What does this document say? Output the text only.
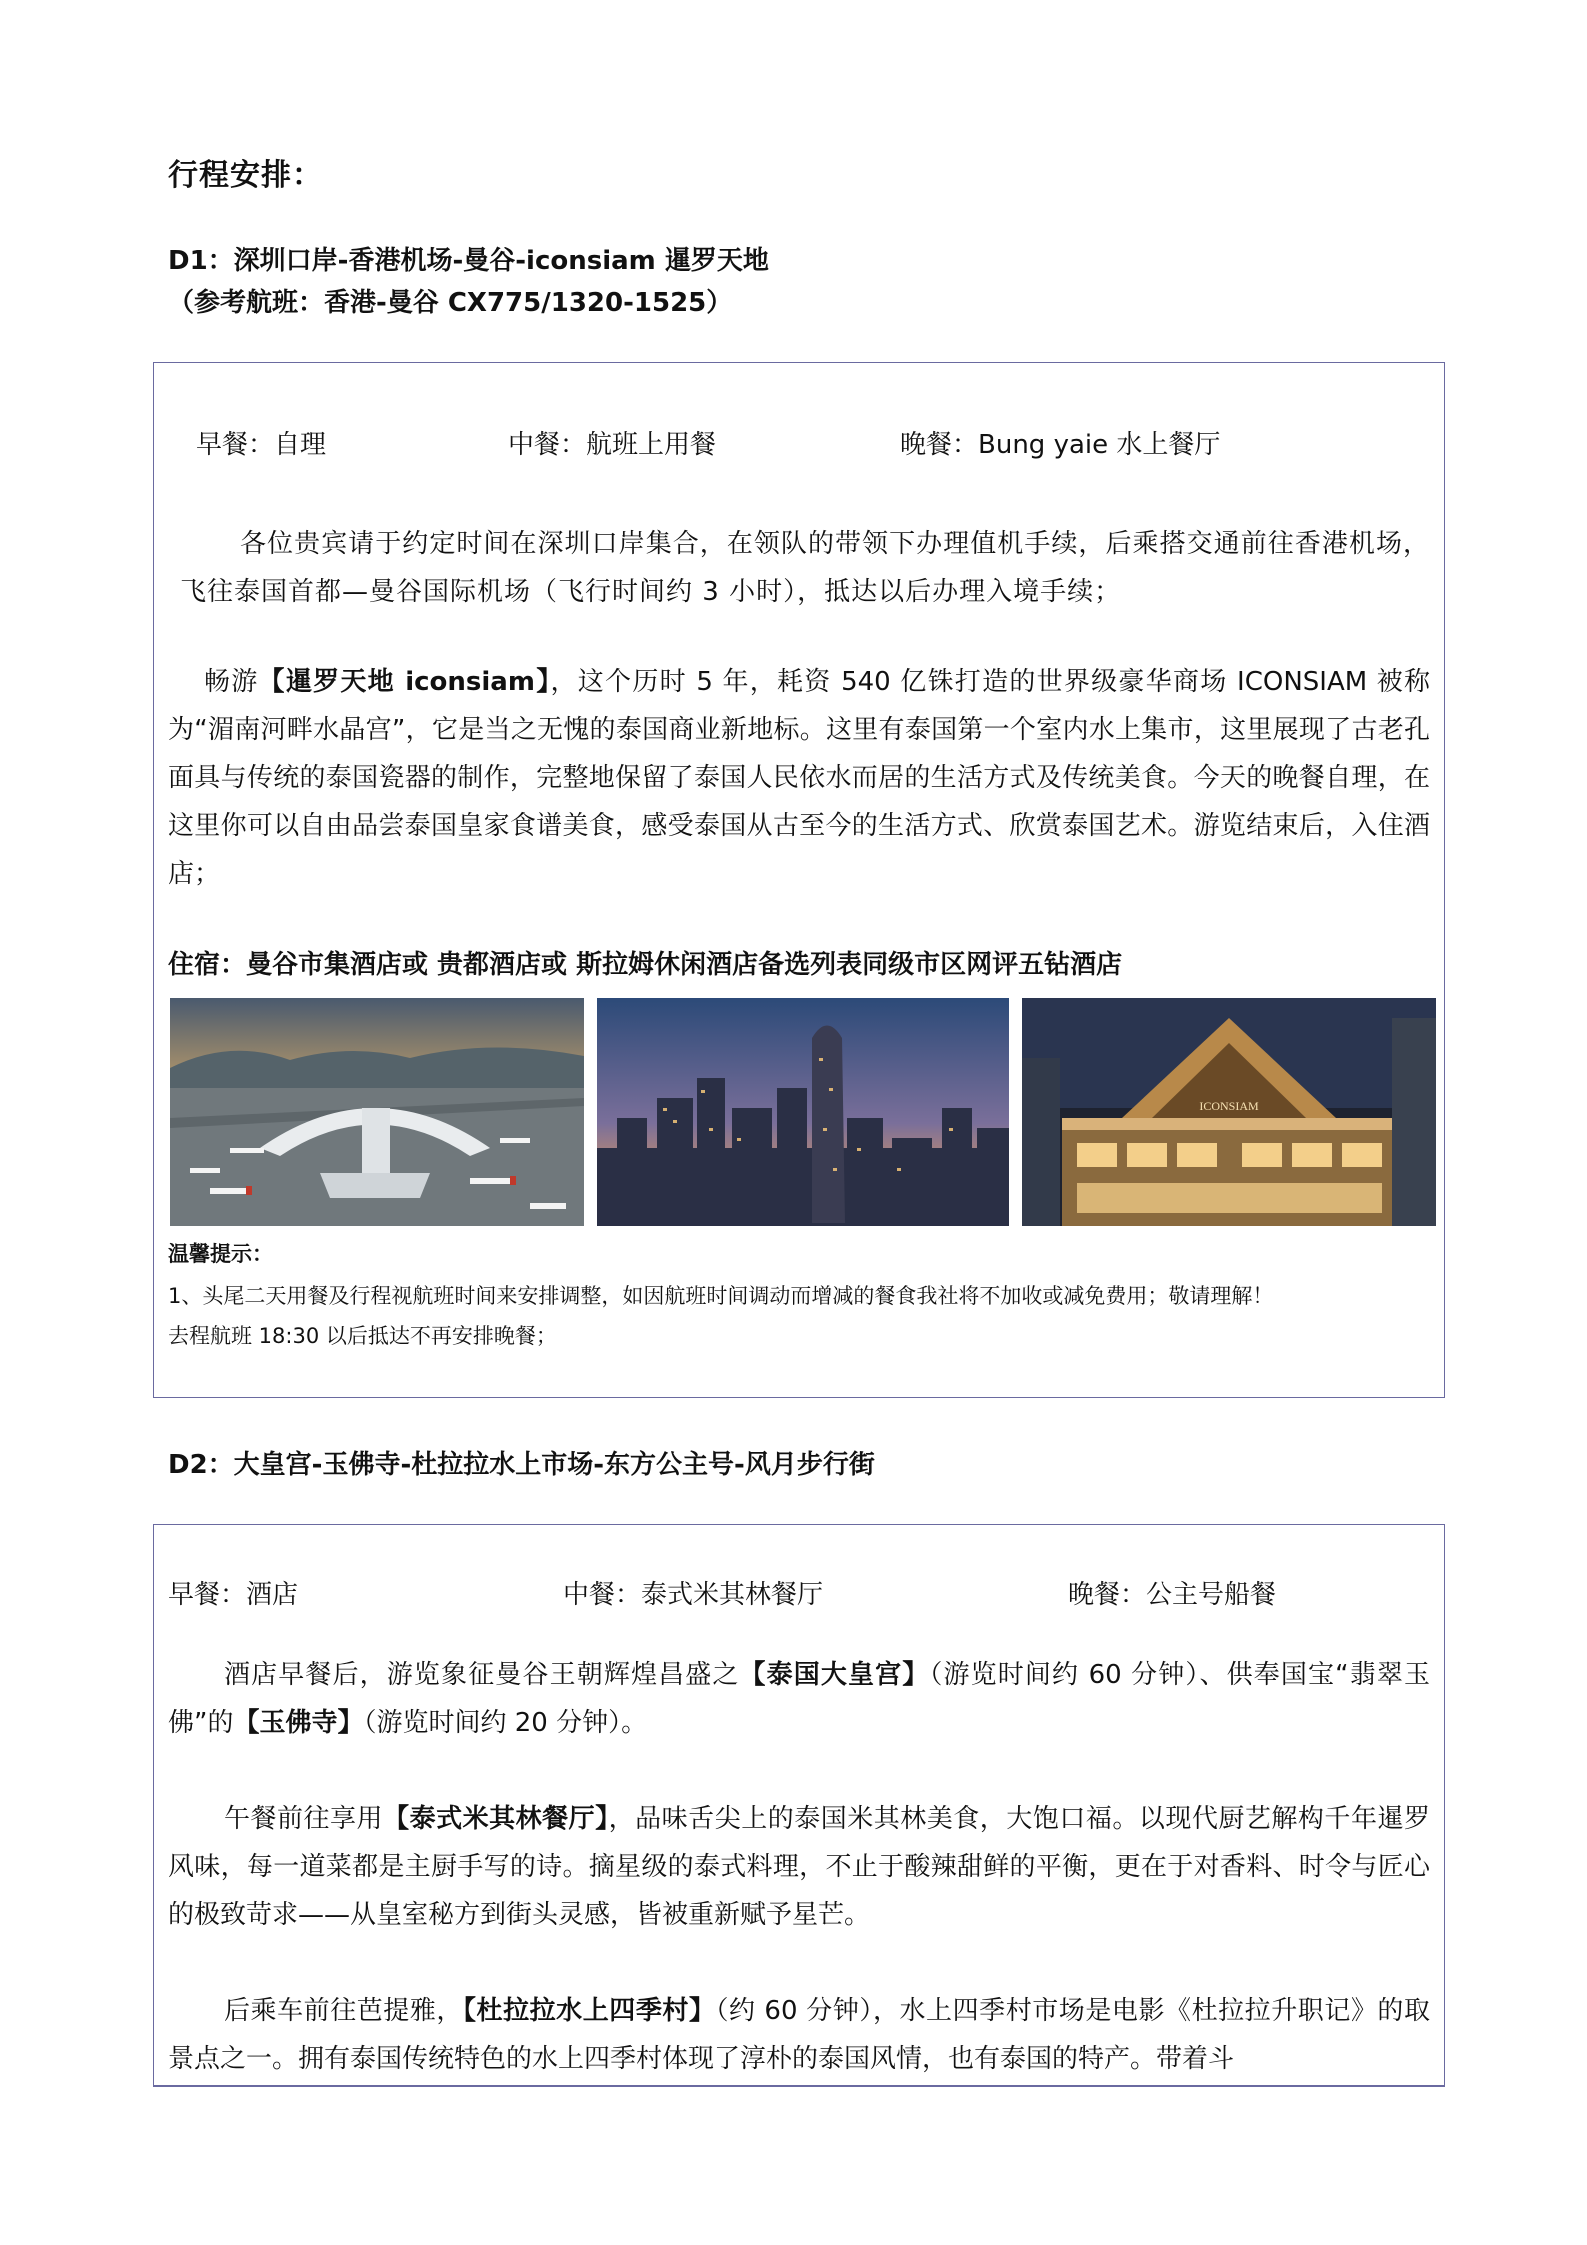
行程安排：
D1：深圳口岸-香港机场-曼谷-iconsiam 暹罗天地
（参考航班：香港-曼谷 CX775/1320-1525）
早餐：自理	中餐：航班上用餐	晚餐：Bung yaie 水上餐厅
各位贵宾请于约定时间在深圳口岸集合，在领队的带领下办理值机手续，后乘搭交通前往香港机场，飞往泰国首都—曼谷国际机场（飞行时间约 3 小时），抵达以后办理入境手续；
畅游【暹罗天地 iconsiam】，这个历时 5 年，耗资 540 亿铢打造的世界级豪华商场 ICONSIAM 被称为“湄南河畔水晶宫”，它是当之无愧的泰国商业新地标。这里有泰国第一个室内水上集市，这里展现了古老孔面具与传统的泰国瓷器的制作，完整地保留了泰国人民依水而居的生活方式及传统美食。今天的晚餐自理，在这里你可以自由品尝泰国皇家食谱美食，感受泰国从古至今的生活方式、欣赏泰国艺术。游览结束后，入住酒店；
住宿：曼谷市集酒店或 贵都酒店或 斯拉姆休闲酒店备选列表同级市区网评五钻酒店
ICONSIAM
温馨提示：
1、头尾二天用餐及行程视航班时间来安排调整，如因航班时间调动而增减的餐食我社将不加收或减免费用；敬请理解！
去程航班 18:30 以后抵达不再安排晚餐；
D2：大皇宫-玉佛寺-杜拉拉水上市场-东方公主号-风月步行街
早餐：酒店	中餐：泰式米其林餐厅	晚餐：公主号船餐
酒店早餐后，游览象征曼谷王朝辉煌昌盛之【泰国大皇宫】（游览时间约 60 分钟）、供奉国宝“翡翠玉佛”的【玉佛寺】（游览时间约 20 分钟）。
午餐前往享用【泰式米其林餐厅】，品味舌尖上的泰国米其林美食，大饱口福。以现代厨艺解构千年暹罗风味，每一道菜都是主厨手写的诗。摘星级的泰式料理，不止于酸辣甜鲜的平衡，更在于对香料、时令与匠心的极致苛求——从皇室秘方到街头灵感，皆被重新赋予星芒。
后乘车前往芭提雅，【杜拉拉水上四季村】（约 60 分钟），水上四季村市场是电影《杜拉拉升职记》的取景点之一。拥有泰国传统特色的水上四季村体现了淳朴的泰国风情，也有泰国的特产。带着斗
